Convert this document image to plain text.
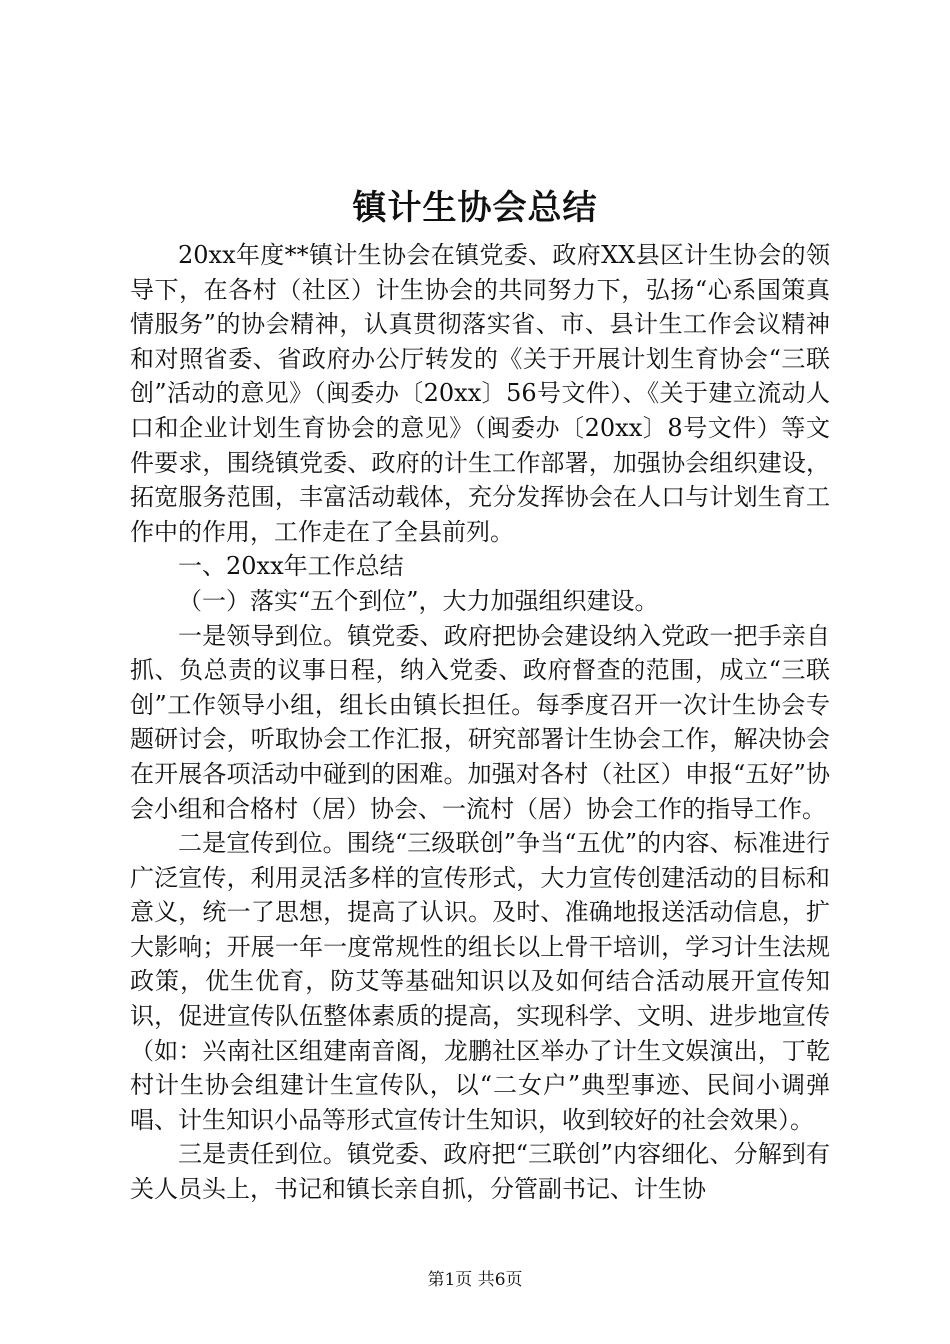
镇计生协会总结

20xx年度**镇计生协会在镇党委、政府XX县区计生协会的领导下，在各村（社区）计生协会的共同努力下，弘扬“心系国策真情服务”的协会精神，认真贯彻落实省、市、县计生工作会议精神和对照省委、省政府办公厅转发的《关于开展计划生育协会“三联创”活动的意见》（闽委办〔20xx〕56号文件）、《关于建立流动人口和企业计划生育协会的意见》（闽委办〔20xx〕8号文件）等文件要求，围绕镇党委、政府的计生工作部署，加强协会组织建设，拓宽服务范围，丰富活动载体，充分发挥协会在人口与计划生育工作中的作用，工作走在了全县前列。

一、20xx年工作总结

（一）落实“五个到位”，大力加强组织建设。

一是领导到位。镇党委、政府把协会建设纳入党政一把手亲自抓、负总责的议事日程，纳入党委、政府督查的范围，成立“三联创”工作领导小组，组长由镇长担任。每季度召开一次计生协会专题研讨会，听取协会工作汇报，研究部署计生协会工作，解决协会在开展各项活动中碰到的困难。加强对各村（社区）申报“五好”协会小组和合格村（居）协会、一流村（居）协会工作的指导工作。

二是宣传到位。围绕“三级联创”争当“五优”的内容、标准进行广泛宣传，利用灵活多样的宣传形式，大力宣传创建活动的目标和意义，统一了思想，提高了认识。及时、准确地报送活动信息，扩大影响；开展一年一度常规性的组长以上骨干培训，学习计生法规政策，优生优育，防艾等基础知识以及如何结合活动展开宣传知识，促进宣传队伍整体素质的提高，实现科学、文明、进步地宣传（如：兴南社区组建南音阁，龙鹏社区举办了计生文娱演出，丁乾村计生协会组建计生宣传队，以“二女户”典型事迹、民间小调弹唱、计生知识小品等形式宣传计生知识，收到较好的社会效果）。

三是责任到位。镇党委、政府把“三联创”内容细化、分解到有关人员头上，书记和镇长亲自抓，分管副书记、计生协

第1页 共6页
